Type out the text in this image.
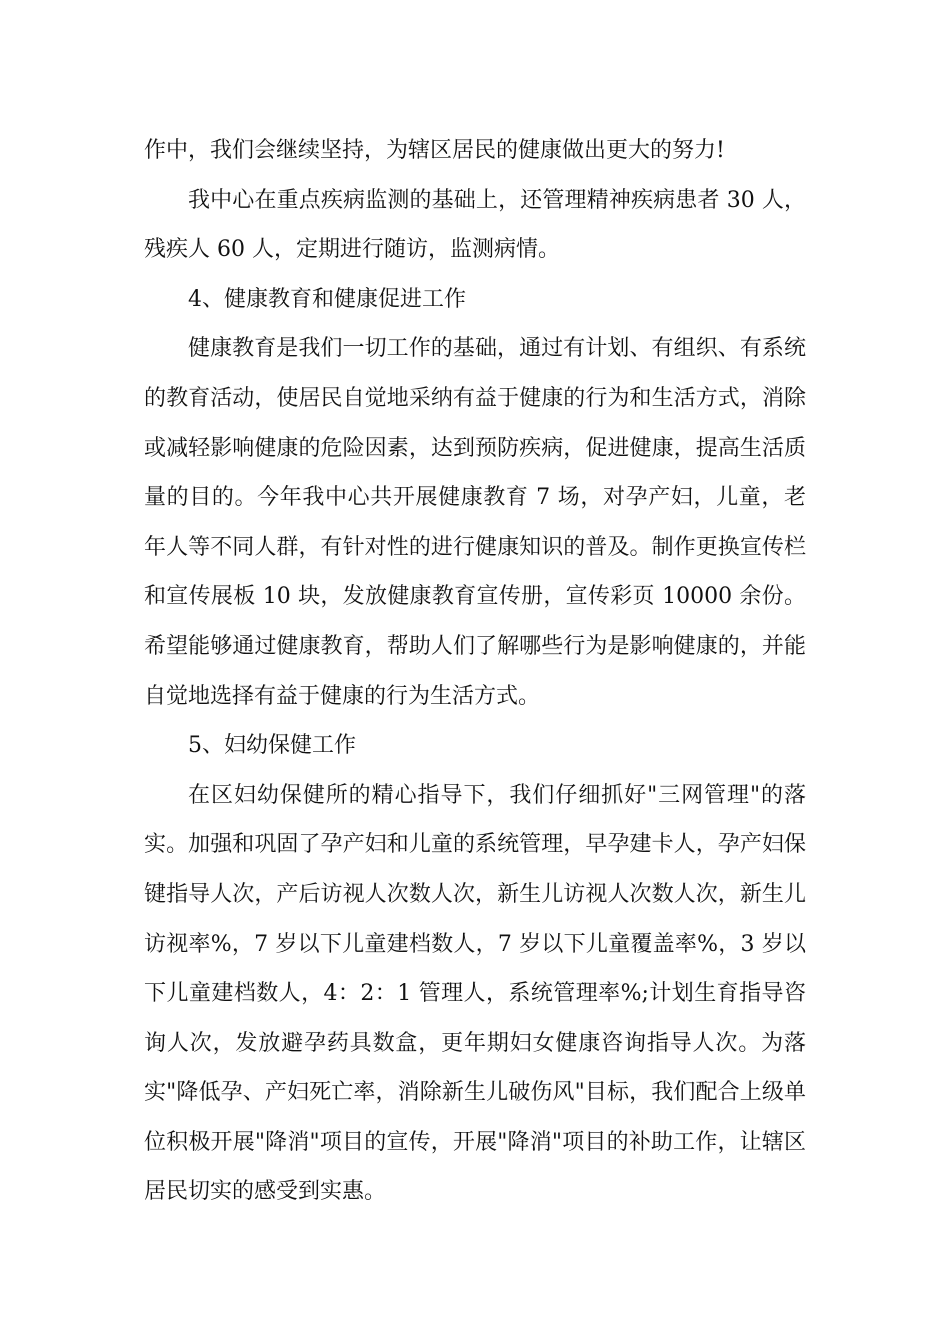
作中，我们会继续坚持，为辖区居民的健康做出更大的努力!

我中心在重点疾病监测的基础上，还管理精神疾病患者 30 人，残疾人 60 人，定期进行随访，监测病情。

4、健康教育和健康促进工作

健康教育是我们一切工作的基础，通过有计划、有组织、有系统的教育活动，使居民自觉地采纳有益于健康的行为和生活方式，消除或减轻影响健康的危险因素，达到预防疾病，促进健康，提高生活质量的目的。今年我中心共开展健康教育 7 场，对孕产妇，儿童，老年人等不同人群，有针对性的进行健康知识的普及。制作更换宣传栏和宣传展板 10 块，发放健康教育宣传册，宣传彩页 10000 余份。希望能够通过健康教育，帮助人们了解哪些行为是影响健康的，并能自觉地选择有益于健康的行为生活方式。

5、妇幼保健工作

在区妇幼保健所的精心指导下，我们仔细抓好"三网管理"的落实。加强和巩固了孕产妇和儿童的系统管理，早孕建卡人，孕产妇保键指导人次，产后访视人次数人次，新生儿访视人次数人次，新生儿访视率%，7 岁以下儿童建档数人，7 岁以下儿童覆盖率%，3 岁以下儿童建档数人，4：2：1 管理人，系统管理率%;计划生育指导咨询人次，发放避孕药具数盒，更年期妇女健康咨询指导人次。为落实"降低孕、产妇死亡率，消除新生儿破伤风"目标，我们配合上级单位积极开展"降消"项目的宣传，开展"降消"项目的补助工作，让辖区居民切实的感受到实惠。
